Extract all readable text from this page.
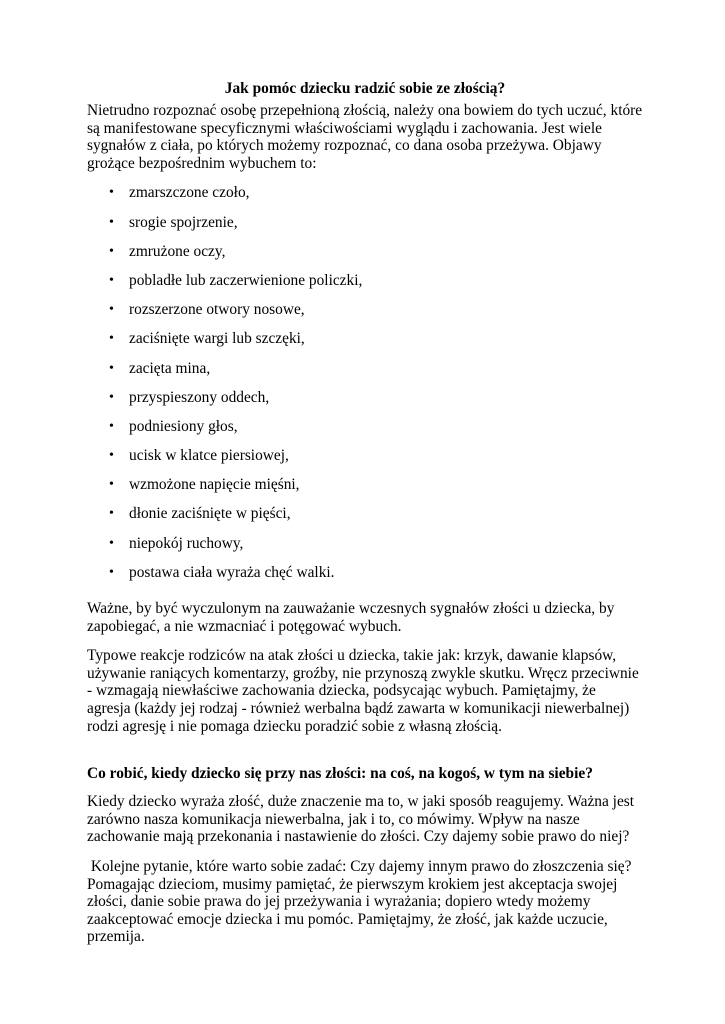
Jak pomóc dziecku radzić sobie ze złością?

Nietrudno rozpoznać osobę przepełnioną złością, należy ona bowiem do tych uczuć, które są manifestowane specyficznymi właściwościami wyglądu i zachowania. Jest wiele sygnałów z ciała, po których możemy rozpoznać, co dana osoba przeżywa. Objawy grożące bezpośrednim wybuchem to:

• zmarszczone czoło,
• srogie spojrzenie,
• zmrużone oczy,
• pobladłe lub zaczerwienione policzki,
• rozszerzone otwory nosowe,
• zaciśnięte wargi lub szczęki,
• zacięta mina,
• przyspieszony oddech,
• podniesiony głos,
• ucisk w klatce piersiowej,
• wzmożone napięcie mięśni,
• dłonie zaciśnięte w pięści,
• niepokój ruchowy,
• postawa ciała wyraża chęć walki.

Ważne, by być wyczulonym na zauważanie wczesnych sygnałów złości u dziecka, by zapobiegać, a nie wzmacniać i potęgować wybuch.

Typowe reakcje rodziców na atak złości u dziecka, takie jak: krzyk, dawanie klapsów, używanie raniących komentarzy, groźby, nie przynoszą zwykle skutku. Wręcz przeciwnie - wzmagają niewłaściwe zachowania dziecka, podsycając wybuch. Pamiętajmy, że agresja (każdy jej rodzaj - również werbalna bądź zawarta w komunikacji niewerbalnej) rodzi agresję i nie pomaga dziecku poradzić sobie z własną złością.

Co robić, kiedy dziecko się przy nas złości: na coś, na kogoś, w tym na siebie?

Kiedy dziecko wyraża złość, duże znaczenie ma to, w jaki sposób reagujemy. Ważna jest zarówno nasza komunikacja niewerbalna, jak i to, co mówimy. Wpływ na nasze zachowanie mają przekonania i nastawienie do złości. Czy dajemy sobie prawo do niej?

Kolejne pytanie, które warto sobie zadać: Czy dajemy innym prawo do złoszczenia się? Pomagając dzieciom, musimy pamiętać, że pierwszym krokiem jest akceptacja swojej złości, danie sobie prawa do jej przeżywania i wyrażania; dopiero wtedy możemy zaakceptować emocje dziecka i mu pomóc. Pamiętajmy, że złość, jak każde uczucie, przemija.
